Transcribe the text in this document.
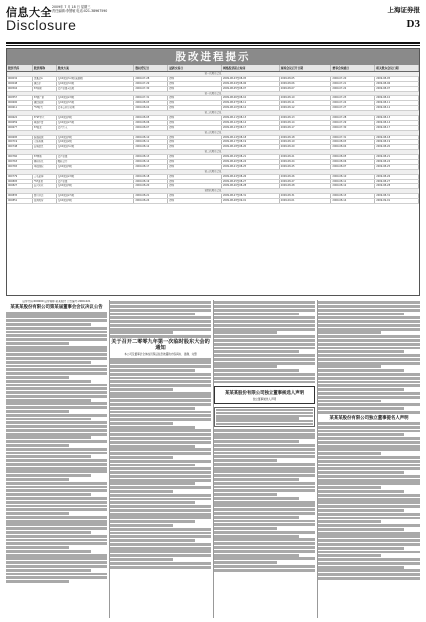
信息大全 2009年 7 月 18 日 星期三
责任编辑:李慧敏 电话:021-38967590	上海证券报
Disclosure	D3
股改进程提示
股票代码	股票简称	股改方案	股权登记日	最新交易日	网络投票起止时间	现场会议召开日期	董事会沟通日	相关股东会议日期
第一次股东会议
000032	深桑达A	每10股送3.2股(流通股)	2009-07-28	停牌	2009-08-03至08-05	2009-08-05	2009-07-20	2009-08-05
000048	康达尔	每10股送3.0股	2009-07-29	停牌	2009-08-04至08-06	2009-08-06	2009-07-21	2009-08-06
000504	ST传媒	资产重组+送股	2009-07-30	停牌	2009-08-05至08-07	2009-08-07	2009-07-22	2009-08-07
第一次股东会议
000557	ST银广夏	每10股送2.8股	2009-07-31	停牌	2009-08-06至08-10	2009-08-10	2009-07-23	2009-08-10
000600	建投能源	每10股送3.5股	2009-08-03	停牌	2009-08-07至08-11	2009-08-11	2009-07-24	2009-08-11
000611	*ST时代	资本公积金转增	2009-08-04	停牌	2009-08-10至08-12	2009-08-12	2009-07-27	2009-08-12
第二次股东会议
000622	S*ST恒立	每10股送3股	2009-08-05	停牌	2009-08-11至08-13	2009-08-13	2009-07-28	2009-08-13
000659	珠海中富	每10股送2.5股	2009-08-06	停牌	2009-08-12至08-14	2009-08-14	2009-07-29	2009-08-14
000677	ST海龙	资产注入	2009-08-07	停牌	2009-08-13至08-17	2009-08-17	2009-07-30	2009-08-17
第三次股东会议
000695	滨海能源	每10股送3股	2009-08-10	停牌	2009-08-14至08-18	2009-08-18	2009-07-31	2009-08-18
000719	大地传媒	每10股送2股	2009-08-11	停牌	2009-08-17至08-19	2009-08-19	2009-08-03	2009-08-19
000748	长城信息	每10股送3.2股	2009-08-12	停牌	2009-08-18至08-20	2009-08-20	2009-08-04	2009-08-20
第二次股东会议
000760	ST博盈	资产重组	2009-08-13	停牌	2009-08-19至08-21	2009-08-21	2009-08-05	2009-08-21
000763	锦州石化	吸收合并	2009-08-14	停牌	2009-08-20至08-24	2009-08-24	2009-08-06	2009-08-24
000765	华信国际	每10股送3股	2009-08-17	停牌	2009-08-21至08-25	2009-08-25	2009-08-07	2009-08-25
第三次股东会议
000779	三毛派神	每10股送2.8股	2009-08-18	停牌	2009-08-24至08-26	2009-08-26	2009-08-10	2009-08-26
000805	*ST炎黄	资产重组	2009-08-19	停牌	2009-08-25至08-27	2009-08-27	2009-08-11	2009-08-27
000827	长兴实业	每10股送3股	2009-08-20	停牌	2009-08-26至08-28	2009-08-28	2009-08-12	2009-08-28
第四次股东会议
000835	四川圣达	每10股送2.5股	2009-08-21	停牌	2009-08-27至08-31	2009-08-31	2009-08-13	2009-08-31
000851	高鸿股份	每10股送3股	2009-08-24	停牌	2009-08-28至09-01	2009-09-01	2009-08-14	2009-09-01
证券代码:000000 证券简称:某某股份 公告编号:2009-021
某某某股份有限公司第某届董事会会议决议公告
关于召开二零零九年第一次临时股东大会的通知
本公司及董事会全体成员保证信息披露的内容真实、准确、完整
某某某股份有限公司独立董事候选人声明
独立董事候选人声明
某某某股份有限公司独立董事提名人声明
